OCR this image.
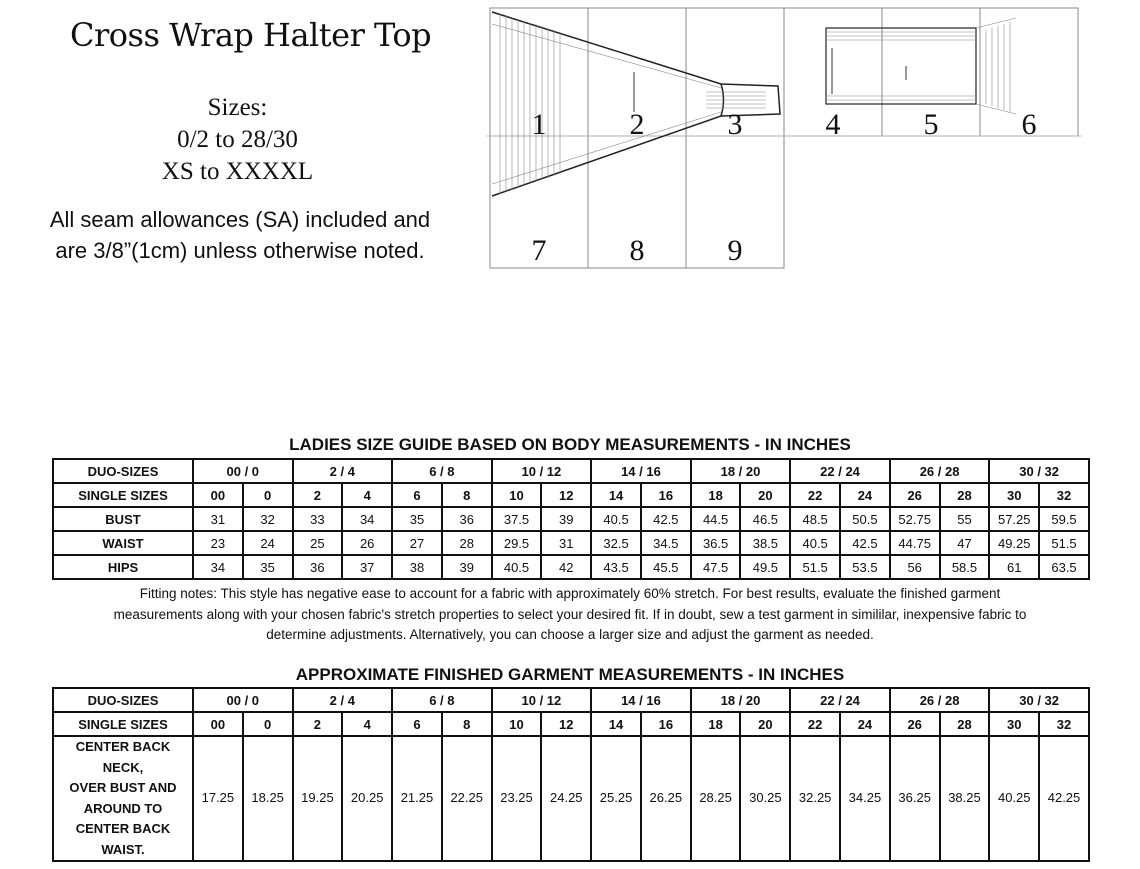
Cross Wrap Halter Top
Sizes:
0/2 to 28/30
XS to XXXXL
All seam allowances (SA) included and
are 3/8”(1cm) unless otherwise noted.
1	2	3	4	5	6
7	8	9
LADIES SIZE GUIDE BASED ON BODY MEASUREMENTS - IN INCHES
DUO-SIZES	00 / 0		2 / 4		6 / 8		10 / 12		14 / 16		18 / 20		22 / 24		26 / 28		30 / 32	
SINGLE SIZES	00	0	2	4	6	8	10	12	14	16	18	20	22	24	26	28	30	32
BUST	31	32	33	34	35	36	37.5	39	40.5	42.5	44.5	46.5	48.5	50.5	52.75	55	57.25	59.5
WAIST	23	24	25	26	27	28	29.5	31	32.5	34.5	36.5	38.5	40.5	42.5	44.75	47	49.25	51.5
HIPS	34	35	36	37	38	39	40.5	42	43.5	45.5	47.5	49.5	51.5	53.5	56	58.5	61	63.5
Fitting notes: This style has negative ease to account for a fabric with approximately 60% stretch. For best results, evaluate the finished garment
measurements along with your chosen fabric's stretch properties to select your desired fit. If in doubt, sew a test garment in simililar, inexpensive fabric to
determine adjustments. Alternatively, you can choose a larger size and adjust the garment as needed.
APPROXIMATE FINISHED GARMENT MEASUREMENTS - IN INCHES
DUO-SIZES	00 / 0		2 / 4		6 / 8		10 / 12		14 / 16		18 / 20		22 / 24		26 / 28		30 / 32	
SINGLE SIZES	00	0	2	4	6	8	10	12	14	16	18	20	22	24	26	28	30	32

CENTER BACK NECK,
OVER BUST AND
AROUND TO
CENTER BACK
WAIST.	17.25	18.25	19.25	20.25	21.25	22.25	23.25	24.25	25.25	26.25	28.25	30.25	32.25	34.25	36.25	38.25	40.25	42.25
